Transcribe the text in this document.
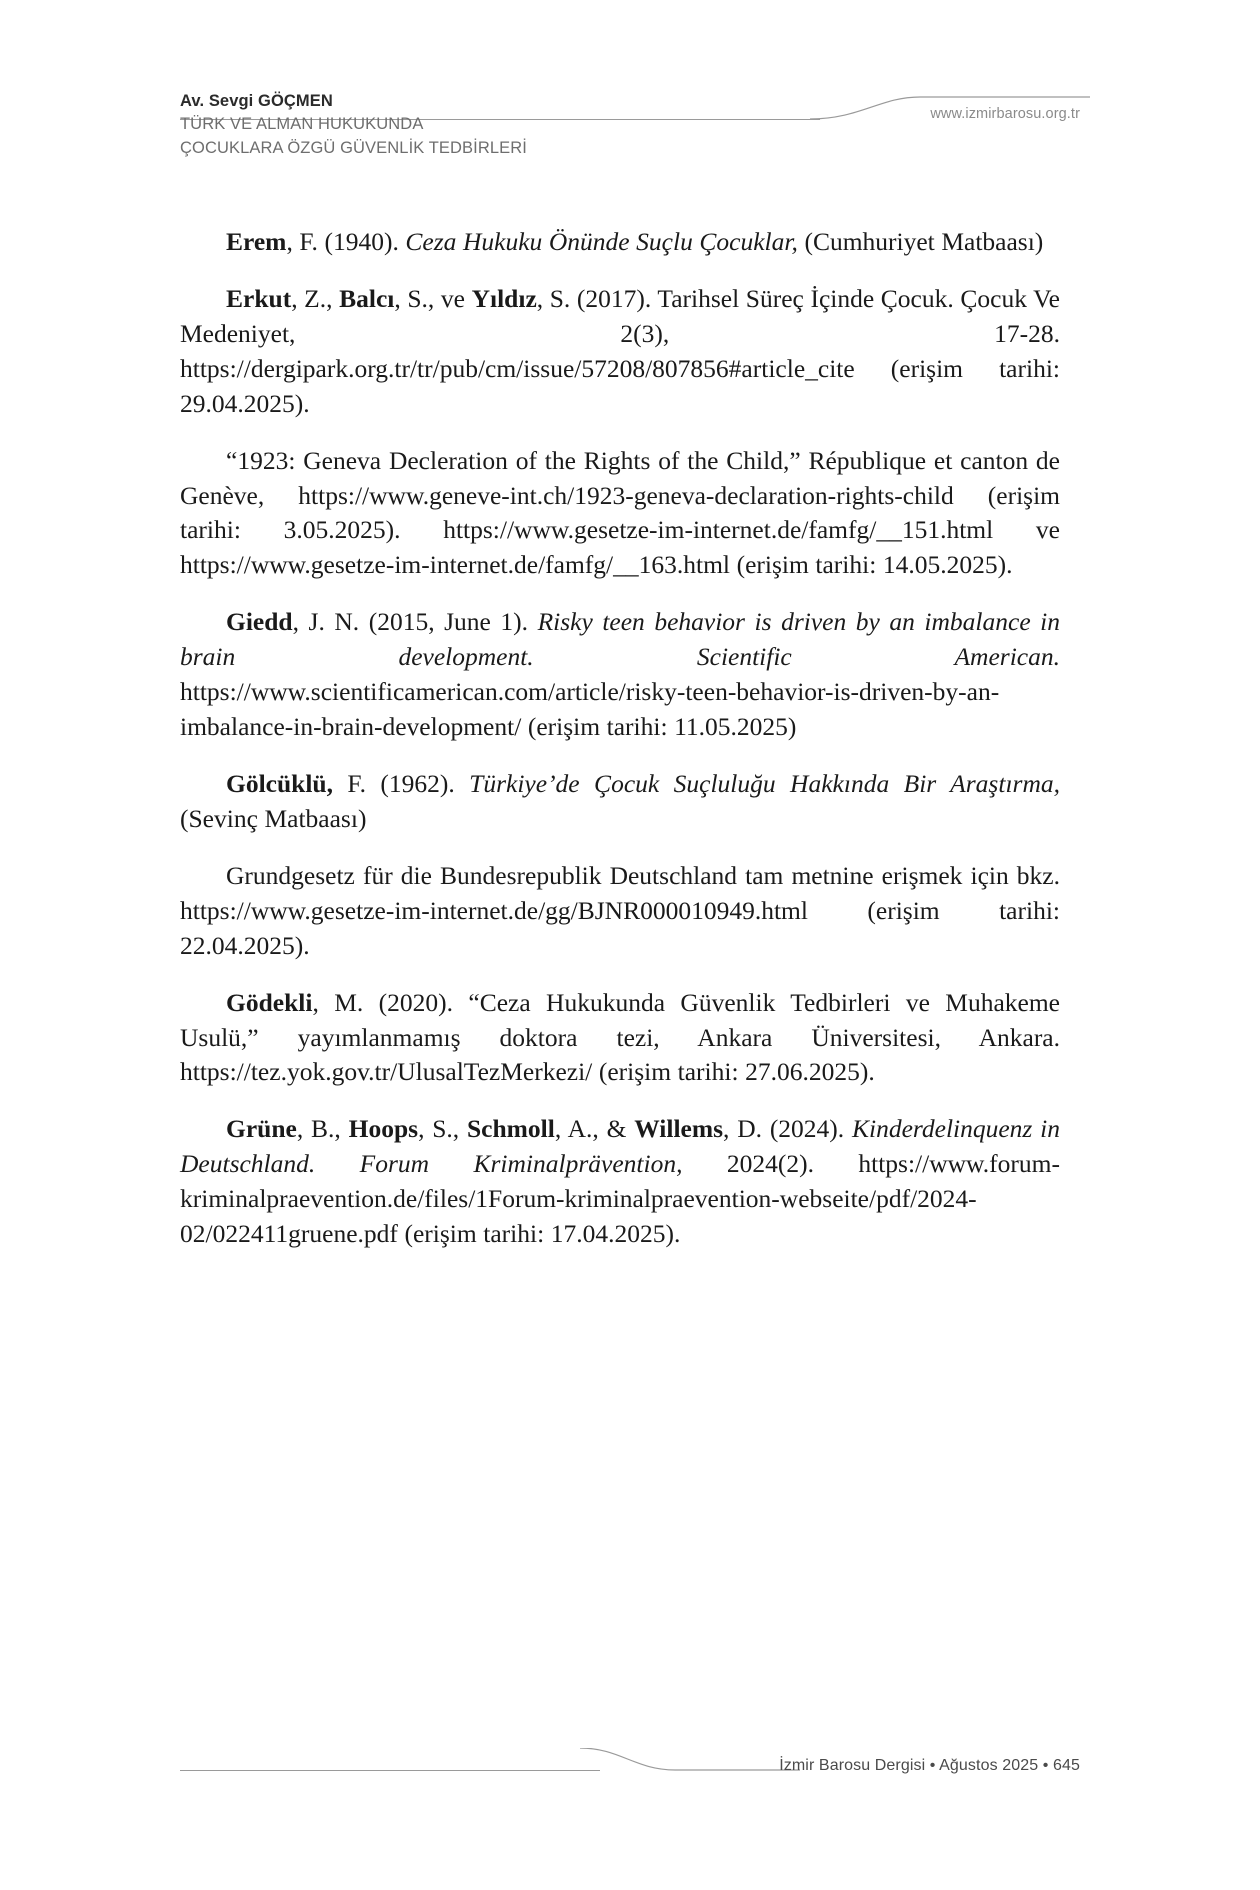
Av. Sevgi GÖÇMEN
TÜRK VE ALMAN HUKUKUNDA
ÇOCUKLARA ÖZGÜ GÜVENLİK TEDBİRLERİ
www.izmirbarosu.org.tr

Erem, F. (1940). Ceza Hukuku Önünde Suçlu Çocuklar, (Cumhuriyet Matbaası)

Erkut, Z., Balcı, S., ve Yıldız, S. (2017). Tarihsel Süreç İçinde Çocuk. Çocuk Ve Medeniyet, 2(3), 17-28. https://dergipark.org.tr/tr/pub/cm/issue/57208/807856#article_cite (erişim tarihi: 29.04.2025).

“1923: Geneva Decleration of the Rights of the Child,” République et canton de Genève, https://www.geneve-int.ch/1923-geneva-declaration-rights-child (erişim tarihi: 3.05.2025). https://www.gesetze-im-internet.de/famfg/__151.html ve https://www.gesetze-im-internet.de/famfg/__163.html (erişim tarihi: 14.05.2025).

Giedd, J. N. (2015, June 1). Risky teen behavior is driven by an imbalance in brain development. Scientific American. https://www.scientificamerican.com/article/risky-teen-behavior-is-driven-by-an-imbalance-in-brain-development/ (erişim tarihi: 11.05.2025)

Gölcüklü, F. (1962). Türkiye’de Çocuk Suçluluğu Hakkında Bir Araştırma, (Sevinç Matbaası)

Grundgesetz für die Bundesrepublik Deutschland tam metnine erişmek için bkz. https://www.gesetze-im-internet.de/gg/BJNR000010949.html (erişim tarihi: 22.04.2025).

Gödekli, M. (2020). “Ceza Hukukunda Güvenlik Tedbirleri ve Muhakeme Usulü,” yayımlanmamış doktora tezi, Ankara Üniversitesi, Ankara. https://tez.yok.gov.tr/UlusalTezMerkezi/ (erişim tarihi: 27.06.2025).

Grüne, B., Hoops, S., Schmoll, A., & Willems, D. (2024). Kinderdelinquenz in Deutschland. Forum Kriminalprävention, 2024(2). https://www.forum-kriminalpraevention.de/files/1Forum-kriminalpraevention-webseite/pdf/2024-02/022411gruene.pdf (erişim tarihi: 17.04.2025).

İzmir Barosu Dergisi • Ağustos 2025 • 645
